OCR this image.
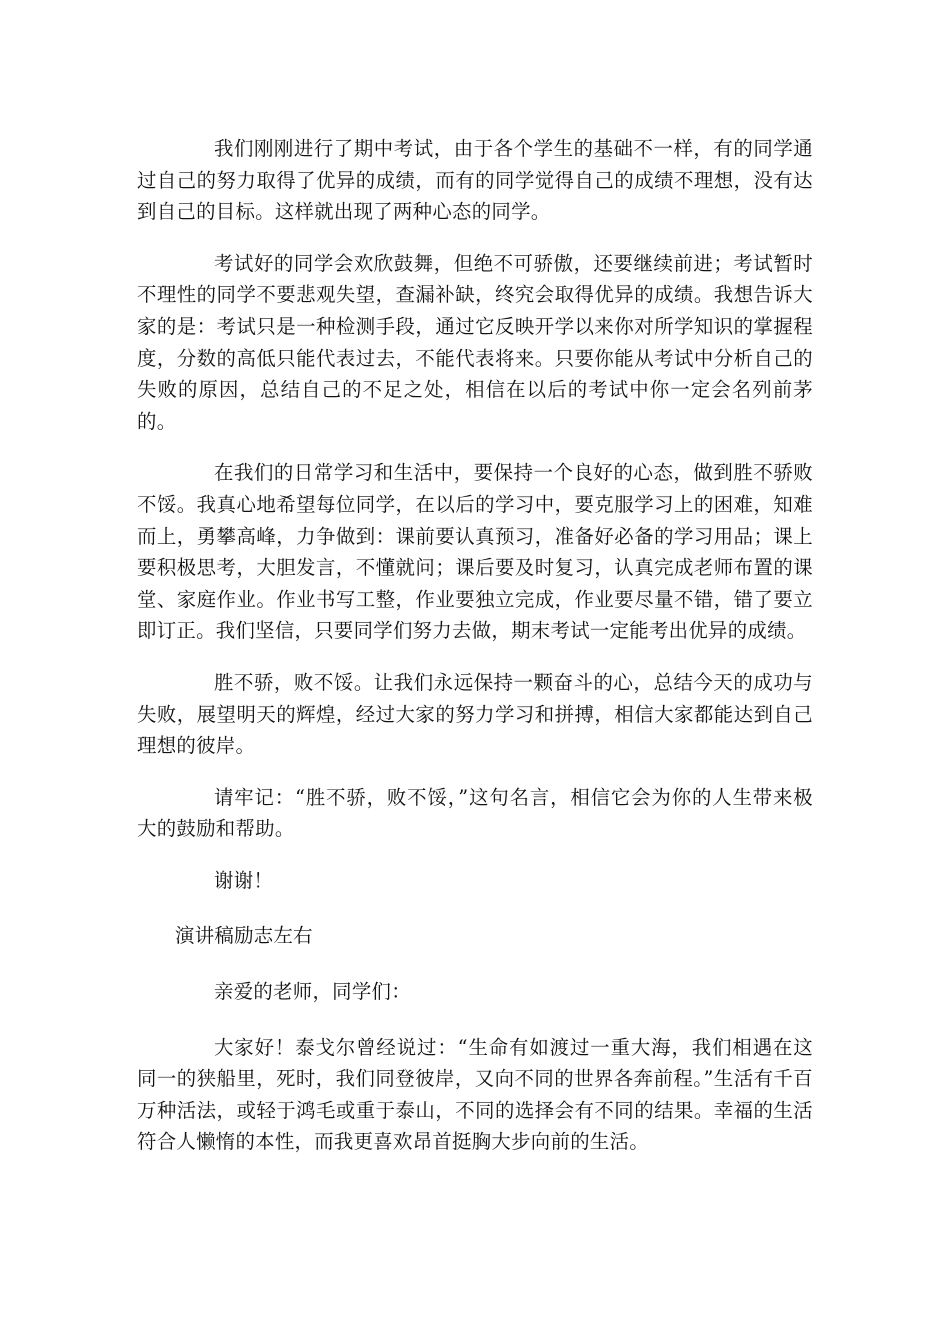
我们刚刚进行了期中考试，由于各个学生的基础不一样，有的同学通过自己的努力取得了优异的成绩，而有的同学觉得自己的成绩不理想，没有达到自己的目标。这样就出现了两种心态的同学。

考试好的同学会欢欣鼓舞，但绝不可骄傲，还要继续前进；考试暂时不理性的同学不要悲观失望，查漏补缺，终究会取得优异的成绩。我想告诉大家的是：考试只是一种检测手段，通过它反映开学以来你对所学知识的掌握程度，分数的高低只能代表过去，不能代表将来。只要你能从考试中分析自己的失败的原因，总结自己的不足之处，相信在以后的考试中你一定会名列前茅的。

在我们的日常学习和生活中，要保持一个良好的心态，做到胜不骄败不馁。我真心地希望每位同学，在以后的学习中，要克服学习上的困难，知难而上，勇攀高峰，力争做到：课前要认真预习，准备好必备的学习用品；课上要积极思考，大胆发言，不懂就问；课后要及时复习，认真完成老师布置的课堂、家庭作业。作业书写工整，作业要独立完成，作业要尽量不错，错了要立即订正。我们坚信，只要同学们努力去做，期末考试一定能考出优异的成绩。

胜不骄，败不馁。让我们永远保持一颗奋斗的心，总结今天的成功与失败，展望明天的辉煌，经过大家的努力学习和拼搏，相信大家都能达到自己理想的彼岸。

请牢记：“胜不骄，败不馁，”这句名言，相信它会为你的人生带来极大的鼓励和帮助。

谢谢！

演讲稿励志左右

亲爱的老师，同学们：

大家好！泰戈尔曾经说过：“生命有如渡过一重大海，我们相遇在这同一的狭船里，死时，我们同登彼岸，又向不同的世界各奔前程。”生活有千百万种活法，或轻于鸿毛或重于泰山，不同的选择会有不同的结果。幸福的生活符合人懒惰的本性，而我更喜欢昂首挺胸大步向前的生活。
